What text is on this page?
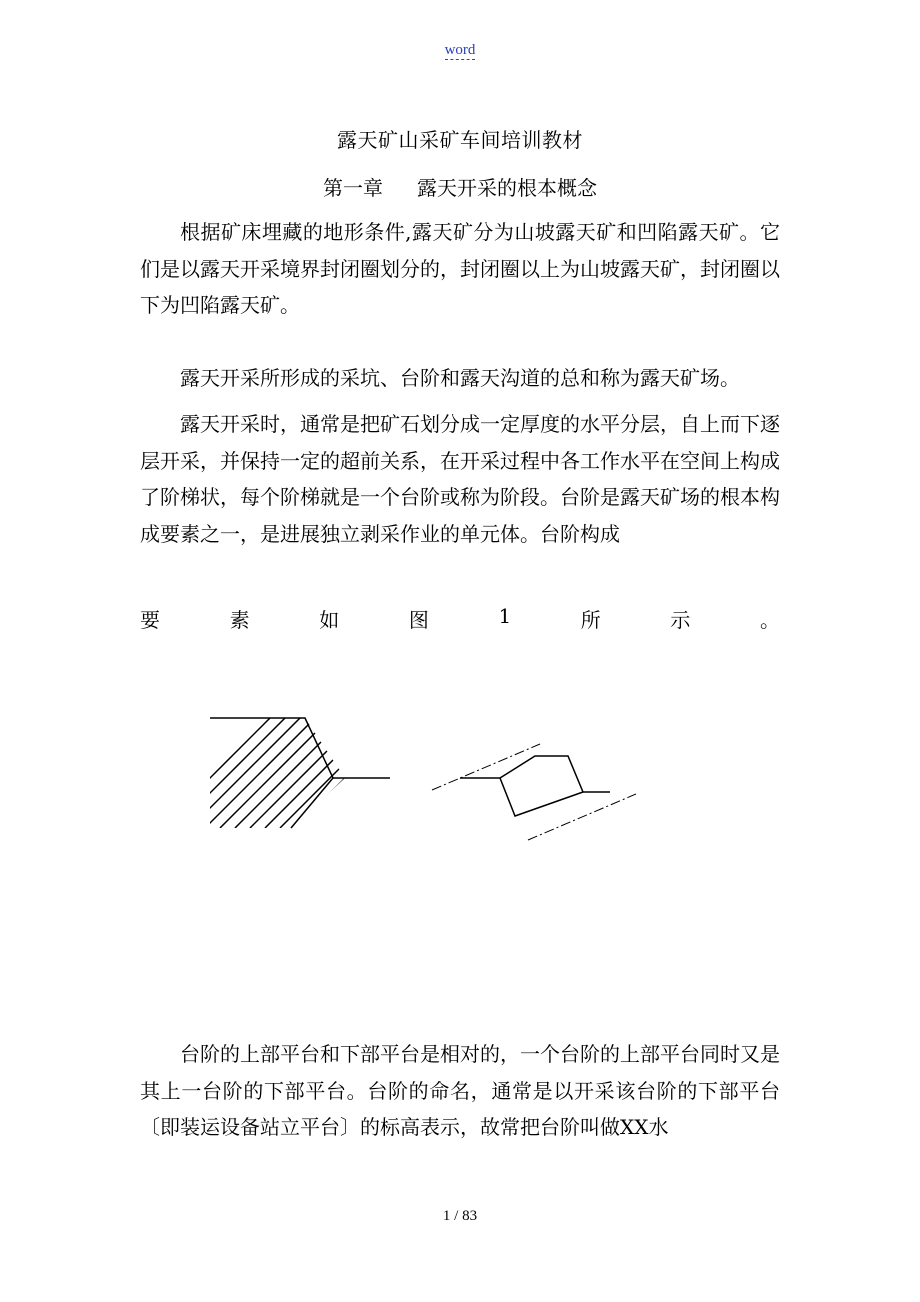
word
露天矿山采矿车间培训教材
第一章 露天开采的根本概念

根据矿床埋藏的地形条件,露天矿分为山坡露天矿和凹陷露天矿。它们是以露天开采境界封闭圈划分的，封闭圈以上为山坡露天矿，封闭圈以下为凹陷露天矿。

露天开采所形成的采坑、台阶和露天沟道的总和称为露天矿场。

露天开采时，通常是把矿石划分成一定厚度的水平分层，自上而下逐层开采，并保持一定的超前关系，在开采过程中各工作水平在空间上构成了阶梯状，每个阶梯就是一个台阶或称为阶段。台阶是露天矿场的根本构成要素之一，是进展独立剥采作业的单元体。台阶构成

要	素	如	图	1	所	示	。

台阶的上部平台和下部平台是相对的，一个台阶的上部平台同时又是其上一台阶的下部平台。台阶的命名，通常是以开采该台阶的下部平台〔即装运设备站立平台〕的标高表示，故常把台阶叫做XX水

1 / 83
